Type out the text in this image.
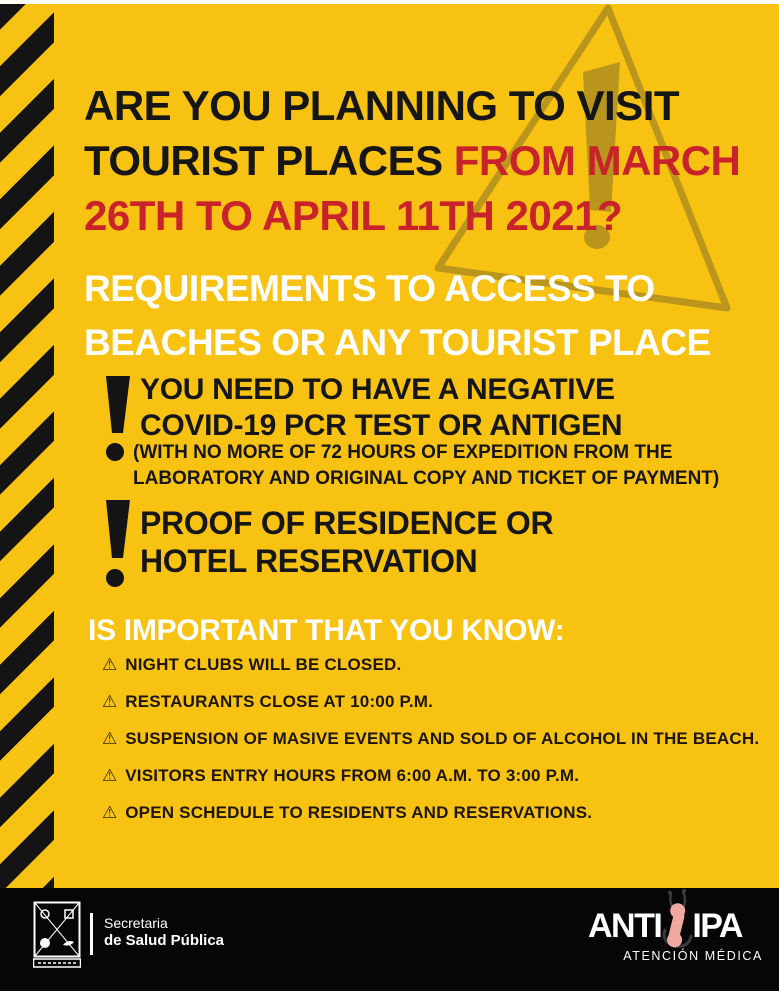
ARE YOU PLANNING TO VISIT
TOURIST PLACES FROM MARCH
26TH TO APRIL 11TH 2021?
REQUIREMENTS TO ACCESS TO
BEACHES OR ANY TOURIST PLACE
YOU NEED TO HAVE A NEGATIVE
COVID-19 PCR TEST OR ANTIGEN
(WITH NO MORE OF 72 HOURS OF EXPEDITION FROM THE
LABORATORY AND ORIGINAL COPY AND TICKET OF PAYMENT)
PROOF OF RESIDENCE OR
HOTEL RESERVATION
IS IMPORTANT THAT YOU KNOW:
⚠ NIGHT CLUBS WILL BE CLOSED.
⚠ RESTAURANTS CLOSE AT 10:00 P.M.
⚠ SUSPENSION OF MASIVE EVENTS AND SOLD OF ALCOHOL IN THE BEACH.
⚠ VISITORS ENTRY HOURS FROM 6:00 A.M. TO 3:00 P.M.
⚠ OPEN SCHEDULE TO RESIDENTS AND RESERVATIONS.
Secretaria
de Salud Pública	ANTI IPA
ATENCIÓN MÉDICA
